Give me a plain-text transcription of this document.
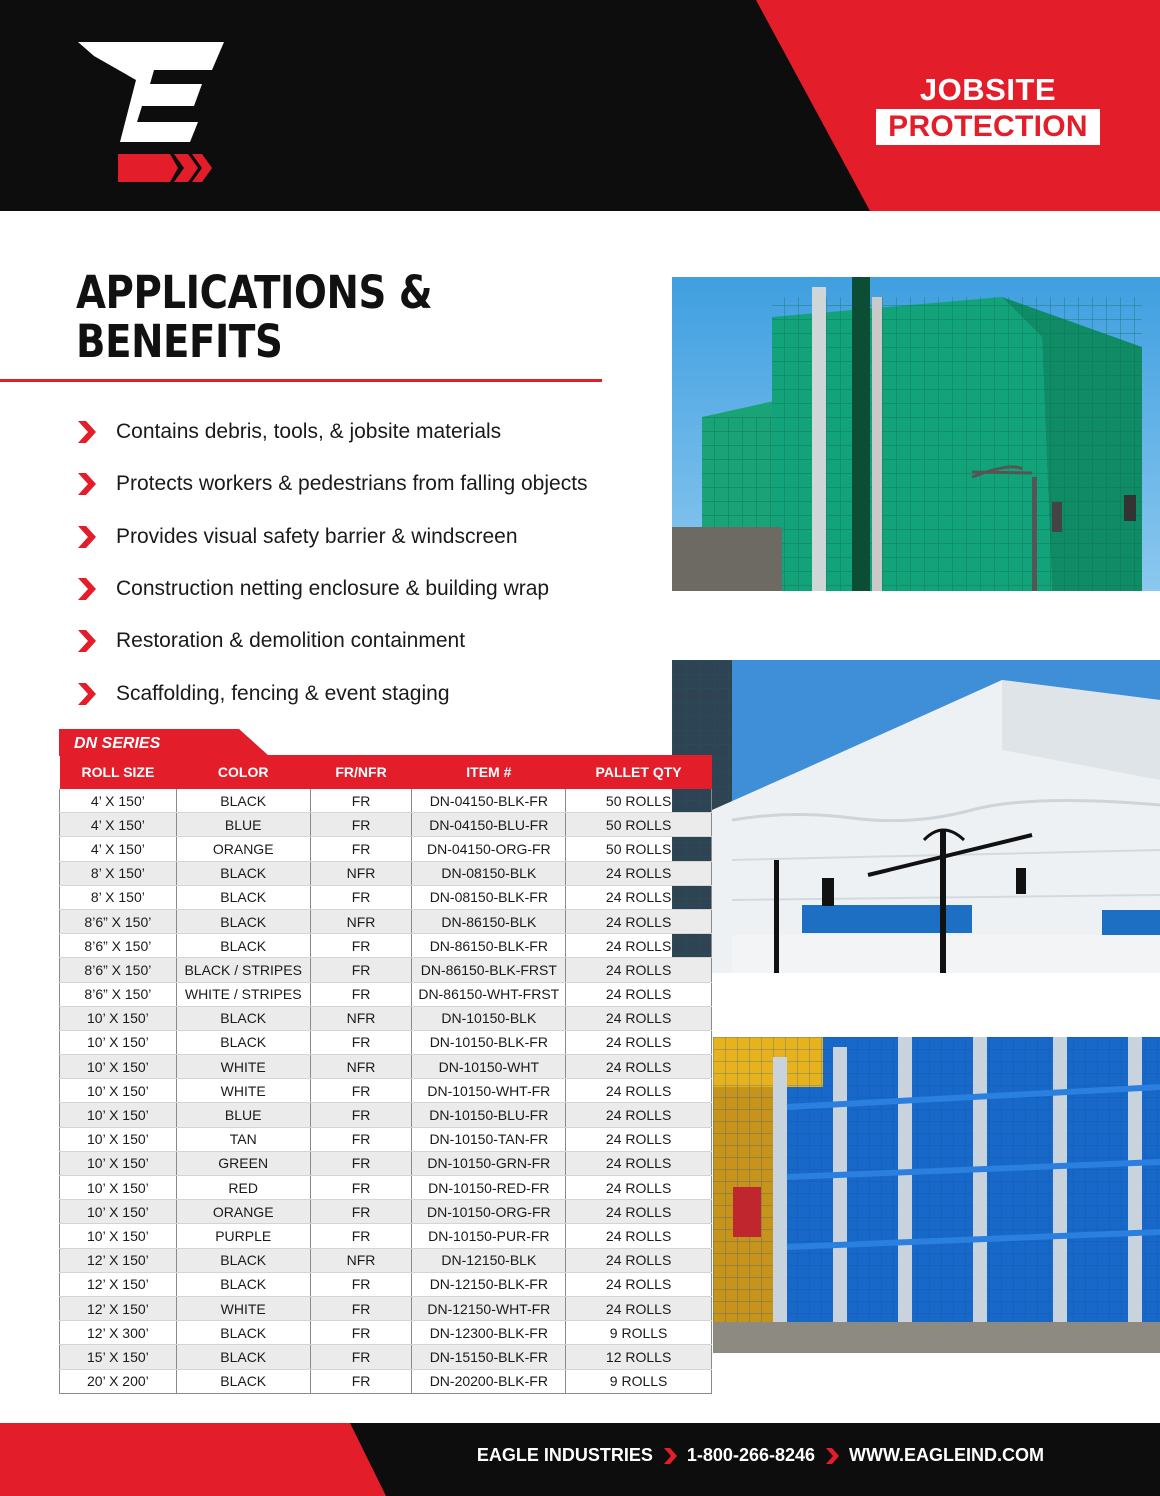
JOBSITE
PROTECTION
APPLICATIONS &
BENEFITS
Contains debris, tools, & jobsite materials
Protects workers & pedestrians from falling objects
Provides visual safety barrier & windscreen
Construction netting enclosure & building wrap
Restoration & demolition containment
Scaffolding, fencing & event staging
DN SERIES
ROLL SIZE	COLOR	FR/NFR	ITEM #	PALLET QTY
4’ X 150’	BLACK	FR	DN-04150-BLK-FR	50 ROLLS
4’ X 150’	BLUE	FR	DN-04150-BLU-FR	50 ROLLS
4’ X 150’	ORANGE	FR	DN-04150-ORG-FR	50 ROLLS
8’ X 150’	BLACK	NFR	DN-08150-BLK	24 ROLLS
8’ X 150’	BLACK	FR	DN-08150-BLK-FR	24 ROLLS
8’6” X 150’	BLACK	NFR	DN-86150-BLK	24 ROLLS
8’6” X 150’	BLACK	FR	DN-86150-BLK-FR	24 ROLLS
8’6” X 150’	BLACK / STRIPES	FR	DN-86150-BLK-FRST	24 ROLLS
8’6” X 150’	WHITE / STRIPES	FR	DN-86150-WHT-FRST	24 ROLLS
10’ X 150’	BLACK	NFR	DN-10150-BLK	24 ROLLS
10’ X 150’	BLACK	FR	DN-10150-BLK-FR	24 ROLLS
10’ X 150’	WHITE	NFR	DN-10150-WHT	24 ROLLS
10’ X 150’	WHITE	FR	DN-10150-WHT-FR	24 ROLLS
10’ X 150’	BLUE	FR	DN-10150-BLU-FR	24 ROLLS
10’ X 150’	TAN	FR	DN-10150-TAN-FR	24 ROLLS
10’ X 150’	GREEN	FR	DN-10150-GRN-FR	24 ROLLS
10’ X 150’	RED	FR	DN-10150-RED-FR	24 ROLLS
10’ X 150’	ORANGE	FR	DN-10150-ORG-FR	24 ROLLS
10’ X 150’	PURPLE	FR	DN-10150-PUR-FR	24 ROLLS
12’ X 150’	BLACK	NFR	DN-12150-BLK	24 ROLLS
12’ X 150’	BLACK	FR	DN-12150-BLK-FR	24 ROLLS
12’ X 150’	WHITE	FR	DN-12150-WHT-FR	24 ROLLS
12’ X 300’	BLACK	FR	DN-12300-BLK-FR	9 ROLLS
15’ X 150’	BLACK	FR	DN-15150-BLK-FR	12 ROLLS
20’ X 200’	BLACK	FR	DN-20200-BLK-FR	9 ROLLS
EAGLE INDUSTRIES 1-800-266-8246 WWW.EAGLEIND.COM
